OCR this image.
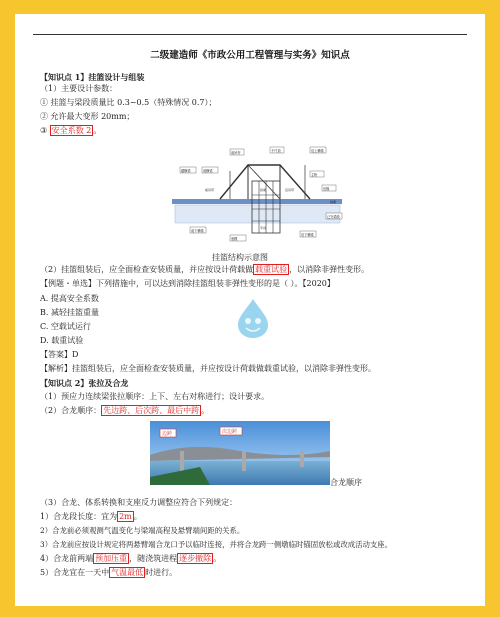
二级建造师《市政公用工程管理与实务》知识点
【知识点 1】挂篮设计与组装
（1）主要设计参数：
① 挂篮与梁段质量比 0.3~0.5（特殊情况 0.7）；
② 允许最大变形 20mm；
③ 安全系数 2 。
前吊杆	千斤顶	后上横梁
端横梁	前横梁
主桁
后锚
前下横梁
底模
后下横梁
已完梁段
纵梁
前吊带	后吊带
平台
纵梁
挂篮结构示意图
（2）挂篮组装后，应全面检查安装质量，并应按设计荷载做 载重试验 ，以消除非弹性变形。
【例题・单选】下列措施中，可以达到消除挂篮组装非弹性变形的是（ ）。【2020】
A. 提高安全系数
B. 减轻挂篮重量
C. 空载试运行
D. 载重试验
【答案】D
【解析】挂篮组装后，应全面检查安装质量，并应按设计荷载做载重试验，以消除非弹性变形。
【知识点 2】张拉及合龙
（1）预应力连续梁张拉顺序：上下、左右对称进行；设计要求。
（2）合龙顺序： 先边跨、后次跨、最后中跨 。
边跨	次边跨
合龙顺序
（3）合龙、体系转换和支座反力调整应符合下列规定：
1）合龙段长度：宜为 2m 。
2）合龙前必须观测气温变化与梁端高程及悬臂端间距的关系。
3）合龙前应按设计规定将两悬臂端合龙口予以临时连接，并将合龙跨一侧墩临时锚固放松或改成活动支座。
4）合龙前两端 预加压重 ，随浇筑进程 逐步撤除 。
5）合龙宜在一天中 气温最低 时进行。
